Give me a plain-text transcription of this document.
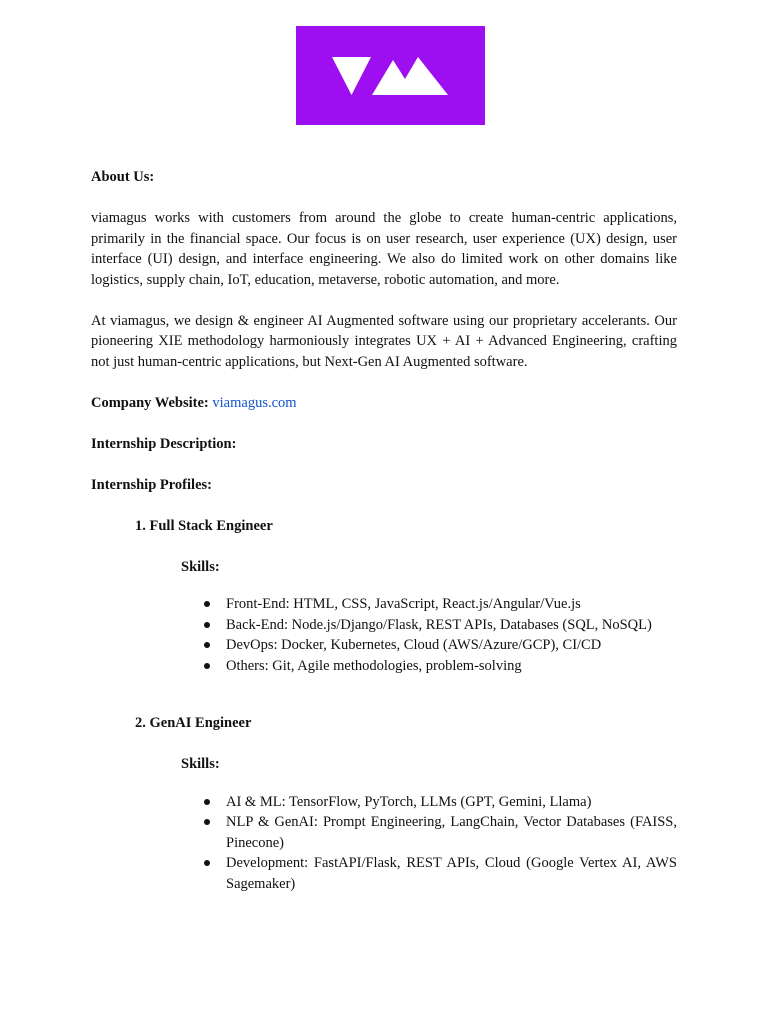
About Us:

viamagus works with customers from around the globe to create human-centric applications, primarily in the financial space. Our focus is on user research, user experience (UX) design, user interface (UI) design, and interface engineering. We also do limited work on other domains like logistics, supply chain, IoT, education, metaverse, robotic automation, and more.

At viamagus, we design & engineer AI Augmented software using our proprietary accelerants. Our pioneering XIE methodology harmoniously integrates UX + AI + Advanced Engineering, crafting not just human-centric applications, but Next-Gen AI Augmented software.

Company Website: viamagus.com

Internship Description:

Internship Profiles:

1. Full Stack Engineer

Skills:

Front-End: HTML, CSS, JavaScript, React.js/Angular/Vue.js
Back-End: Node.js/Django/Flask, REST APIs, Databases (SQL, NoSQL)
DevOps: Docker, Kubernetes, Cloud (AWS/Azure/GCP), CI/CD
Others: Git, Agile methodologies, problem-solving

2. GenAI Engineer

Skills:

AI & ML: TensorFlow, PyTorch, LLMs (GPT, Gemini, Llama)
NLP & GenAI: Prompt Engineering, LangChain, Vector Databases (FAISS, Pinecone)
Development: FastAPI/Flask, REST APIs, Cloud (Google Vertex AI, AWS Sagemaker)
